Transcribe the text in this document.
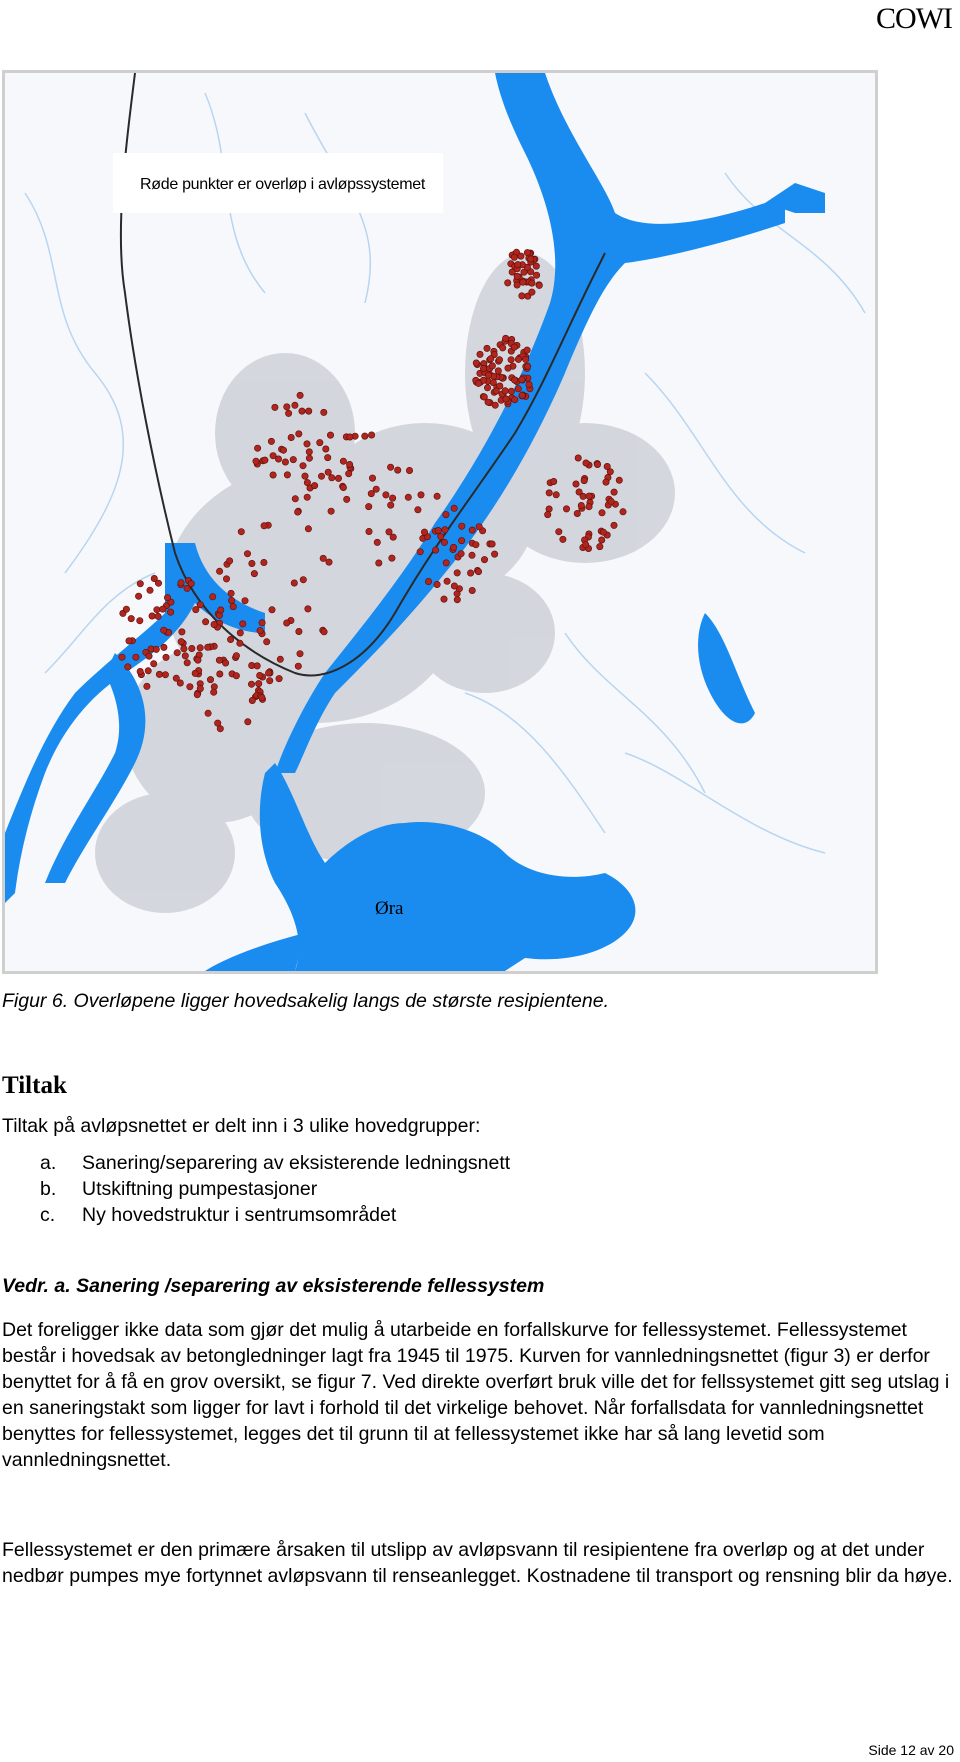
COWI
Røde punkter er overløp i avløpssystemet
Øra
Figur 6. Overløpene ligger hovedsakelig langs de største resipientene.
Tiltak
Tiltak på avløpsnettet er delt inn i 3 ulike hovedgrupper:
a. Sanering/separering av eksisterende ledningsnett
b. Utskiftning pumpestasjoner
c. Ny hovedstruktur i sentrumsområdet
Vedr. a. Sanering /separering av eksisterende fellessystem

Det foreligger ikke data som gjør det mulig å utarbeide en forfallskurve for fellessystemet. Fellessystemet består i hovedsak av betongledninger lagt fra 1945 til 1975. Kurven for vannledningsnettet (figur 3) er derfor benyttet for å få en grov oversikt, se figur 7. Ved direkte overført bruk ville det for fellssystemet gitt seg utslag i en saneringstakt som ligger for lavt i forhold til det virkelige behovet. Når forfallsdata for vannledningsnettet benyttes for fellessystemet, legges det til grunn til at fellessystemet ikke har så lang levetid som vannledningsnettet.

Fellessystemet er den primære årsaken til utslipp av avløpsvann til resipientene fra overløp og at det under nedbør pumpes mye fortynnet avløpsvann til renseanlegget. Kostnadene til transport og rensning blir da høye.

Side 12 av 20
